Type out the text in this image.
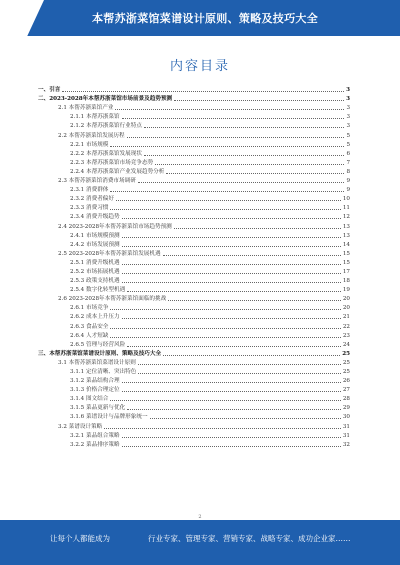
本帮苏浙菜馆菜谱设计原则、策略及技巧大全
内容目录
一、引言	3
二、2023-2028年本帮苏浙菜馆市场前景及趋势预测	3
2.1 本帮苏浙菜馆产业	3
2.1.1 本帮苏浙菜馆	3
2.1.2 本帮苏浙菜馆行业特点	3
2.2 本帮苏浙菜馆发展历程	5
2.2.1 市场规模	5
2.2.2 本帮苏浙菜馆发展现状	6
2.2.3 本帮苏浙菜馆市场竞争态势	7
2.2.4 本帮苏浙菜馆产业发展趋势分析	8
2.3 本帮苏浙菜馆消费市场调研	9
2.3.1 消费群体	9
2.3.2 消费者偏好	10
2.3.3 消费习惯	11
2.3.4 消费升级趋势	12
2.4 2023-2028年本帮苏浙菜馆市场趋势预测	13
2.4.1 市场规模预测	13
2.4.2 市场发展预测	14
2.5 2023-2028年本帮苏浙菜馆发展机遇	15
2.5.1 消费升级机遇	15
2.5.2 市场拓展机遇	17
2.5.3 政策支持机遇	18
2.5.4 数字化转型机遇	19
2.6 2023-2028年本帮苏浙菜馆面临的挑战	20
2.6.1 市场竞争	20
2.6.2 成本上升压力	21
2.6.3 食品安全	22
2.6.4 人才短缺	23
2.6.5 管理与经营风险	24
三、本帮苏浙菜馆菜谱设计原则、策略及技巧大全	25
3.1 本帮苏浙菜馆菜谱设计原则	25
3.1.1 定位清晰、突出特色	25
3.1.2 菜品结构合理	26
3.1.3 价格合理定位	27
3.1.4 图文结合	28
3.1.5 菜品更新与优化	29
3.1.6 菜谱设计与品牌形象统一	30
3.2 菜谱设计策略	31
3.2.1 菜品组合策略	31
3.2.2 菜品排序策略	32
2
让每个人都能成为	行业专家、管理专家、营销专家、战略专家、成功企业家……
